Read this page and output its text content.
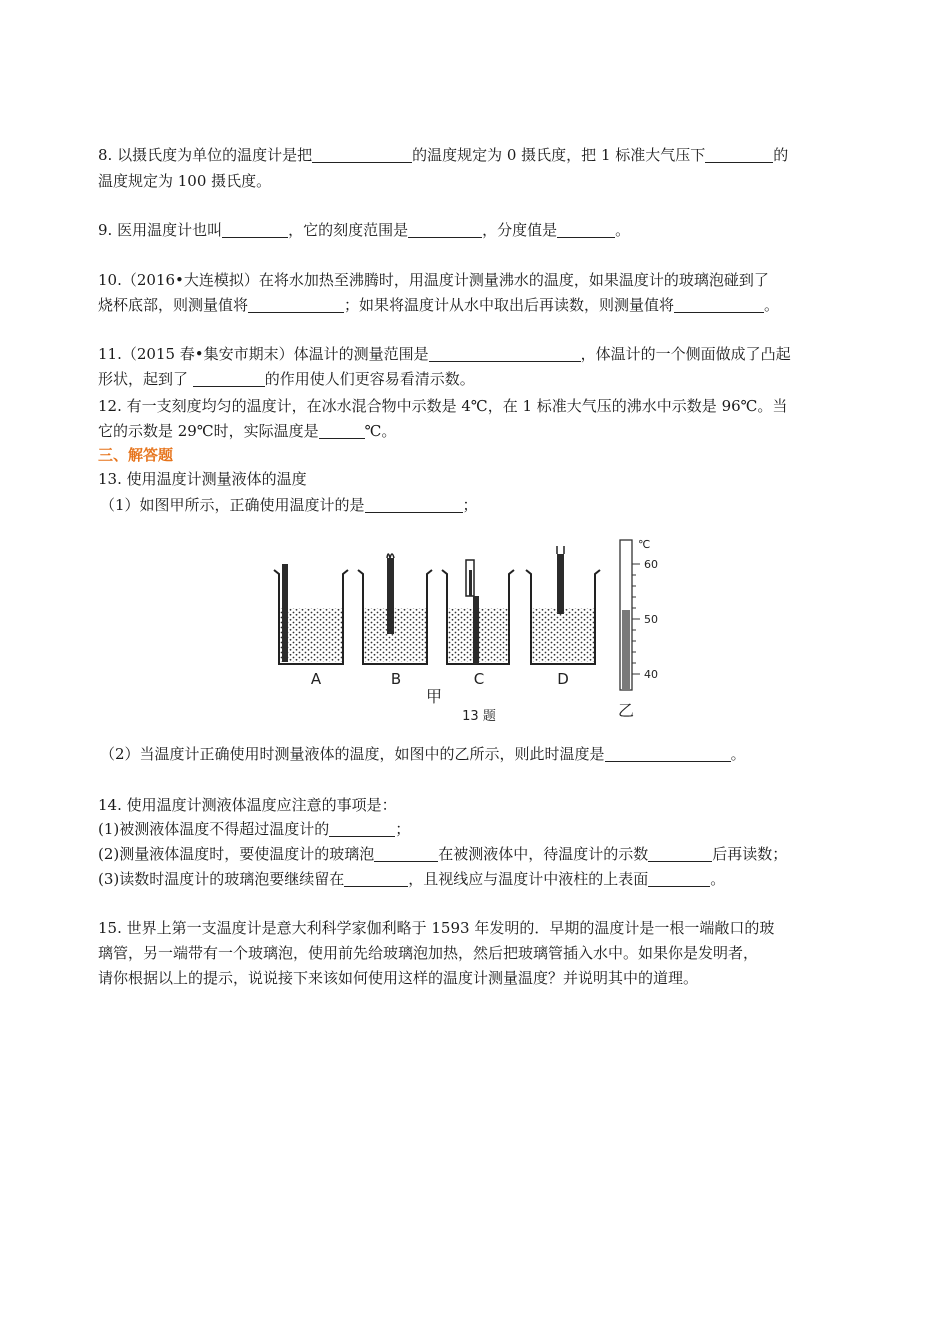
8. 以摄氏度为单位的温度计是把	的温度规定为 0 摄氏度，把 1 标准大气压下	的
温度规定为 100 摄氏度。
9. 医用温度计也叫	，它的刻度范围是	，分度值是	。
10.（2016•大连模拟）在将水加热至沸腾时，用温度计测量沸水的温度，如果温度计的玻璃泡碰到了
烧杯底部，则测量值将	；如果将温度计从水中取出后再读数，则测量值将	。
11.（2015 春•集安市期末）体温计的测量范围是	，体温计的一个侧面做成了凸起
形状，起到了	的作用使人们更容易看清示数。
12. 有一支刻度均匀的温度计，在冰水混合物中示数是 4℃，在 1 标准大气压的沸水中示数是 96℃。当
它的示数是 29℃时，实际温度是	℃。
三、解答题
13. 使用温度计测量液体的温度
（1）如图甲所示，正确使用温度计的是	；
A	B	C	D
甲
13 题
℃
60
50
40
乙
（2）当温度计正确使用时测量液体的温度，如图中的乙所示，则此时温度是	。
14. 使用温度计测液体温度应注意的事项是：
(1)被测液体温度不得超过温度计的	；
(2)测量液体温度时，要使温度计的玻璃泡	在被测液体中，待温度计的示数	后再读数；
(3)读数时温度计的玻璃泡要继续留在	，且视线应与温度计中液柱的上表面	。
15. 世界上第一支温度计是意大利科学家伽利略于 1593 年发明的．早期的温度计是一根一端敞口的玻
璃管，另一端带有一个玻璃泡，使用前先给玻璃泡加热，然后把玻璃管插入水中。如果你是发明者，
请你根据以上的提示，说说接下来该如何使用这样的温度计测量温度？并说明其中的道理。
